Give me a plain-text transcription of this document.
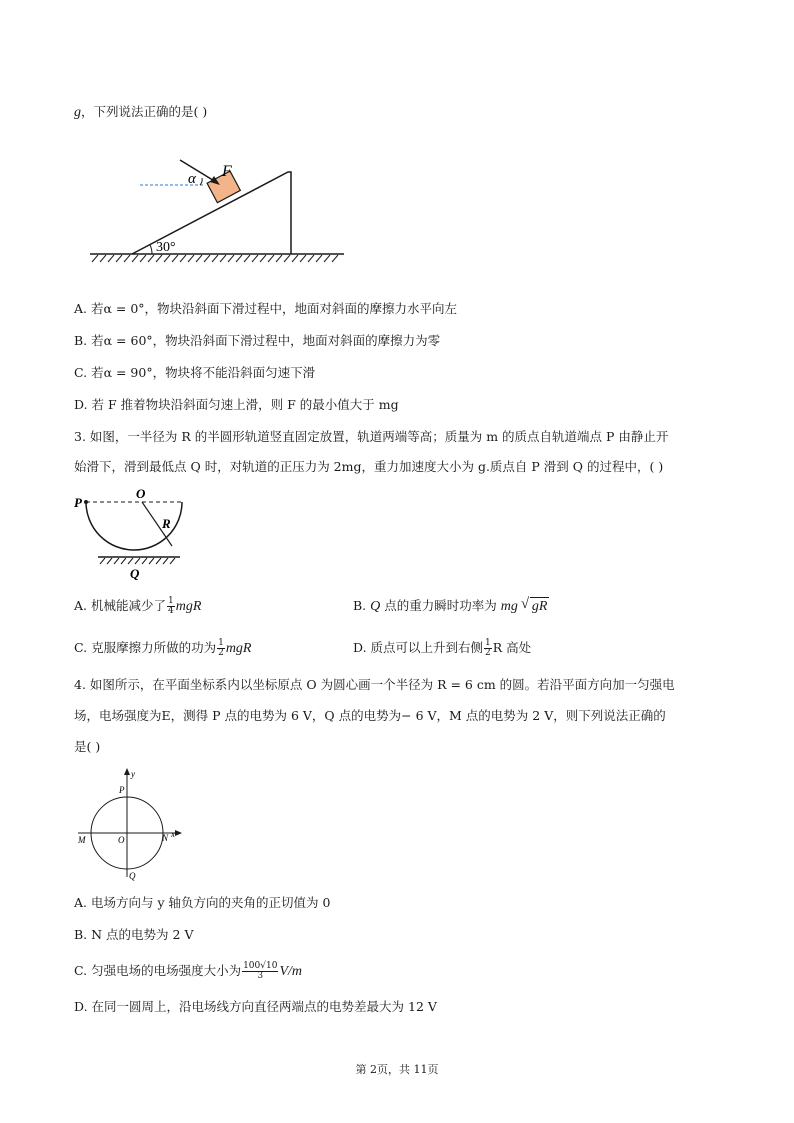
g，下列说法正确的是( )
30°
F
α
A. 若α = 0°，物块沿斜面下滑过程中，地面对斜面的摩擦力水平向左
B. 若α = 60°，物块沿斜面下滑过程中，地面对斜面的摩擦力为零
C. 若α = 90°，物块将不能沿斜面匀速下滑
D. 若 F 推着物块沿斜面匀速上滑，则 F 的最小值大于 mg
3. 如图，一半径为 R 的半圆形轨道竖直固定放置，轨道两端等高；质量为 m 的质点自轨道端点 P 由静止开
始滑下，滑到最低点 Q 时，对轨道的正压力为 2mg，重力加速度大小为 g.质点自 P 滑到 Q 的过程中，( )
P
O
R
Q
A. 机械能减少了 $\frac{1}{4}$ mgR	B. Q 点的重力瞬时功率为 mg√ gR
C. 克服摩擦力所做的功为 $\frac{1}{2}$ mgR	D. 质点可以上升到右侧 $\frac{1}{2}$ R 高处
4. 如图所示，在平面坐标系内以坐标原点 O 为圆心画一个半径为 R = 6 cm 的圆。若沿平面方向加一匀强电
场，电场强度为E，测得 P 点的电势为 6 V，Q 点的电势为− 6 V，M 点的电势为 2 V，则下列说法正确的
是( )
y
x
P
O
M	N
Q
A. 电场方向与 y 轴负方向的夹角的正切值为 0
B. N 点的电势为 2 V
C. 匀强电场的电场强度大小为 $\frac{100√10}{3} V/m$
D. 在同一圆周上，沿电场线方向直径两端点的电势差最大为 12 V
第 2页，共 11页
